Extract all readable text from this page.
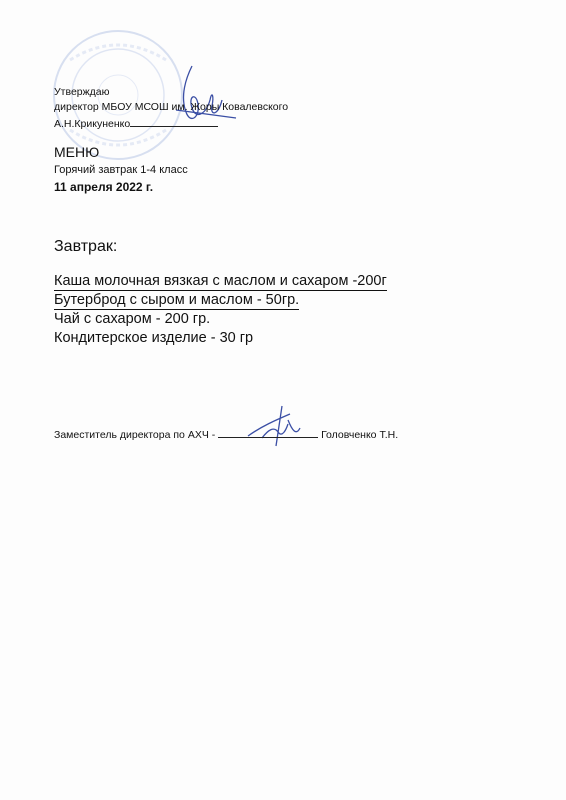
Утверждаю
директор МБОУ МСОШ им. Жоры Ковалевского
А.Н.Крикуненко
МЕНЮ
Горячий завтрак 1-4 класс
11 апреля 2022 г.
Завтрак:
Каша молочная вязкая с маслом и сахаром -200г
Бутерброд с сыром и маслом - 50гр.
Чай с сахаром - 200 гр.
Кондитерское изделие - 30 гр
Заместитель директора по АХЧ -	Головченко Т.Н.
